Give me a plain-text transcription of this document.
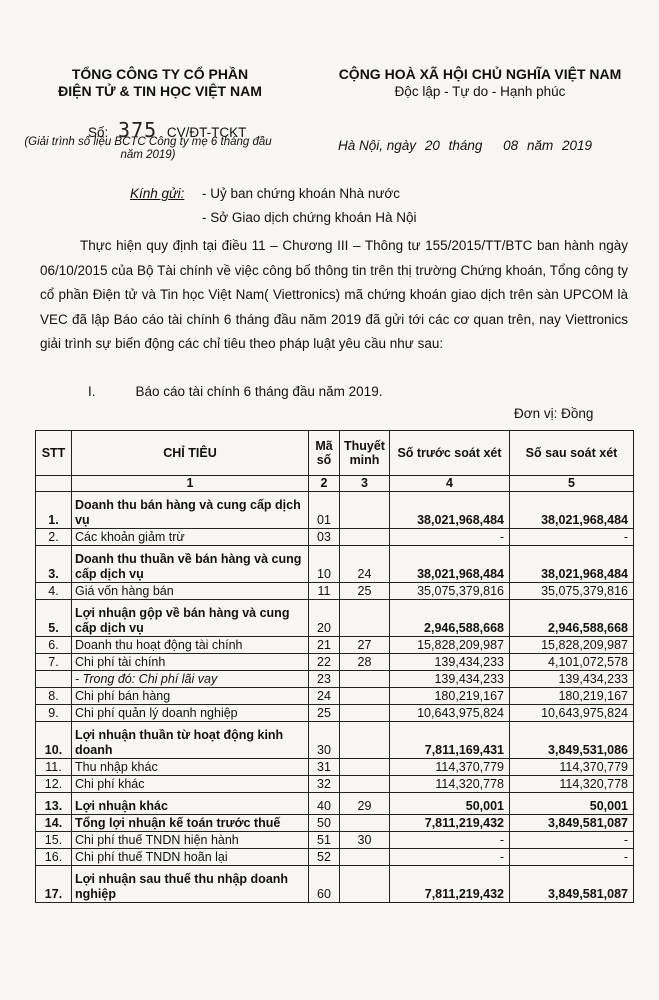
TỔNG CÔNG TY CỔ PHẦN
ĐIỆN TỬ & TIN HỌC VIỆT NAM
CỘNG HOÀ XÃ HỘI CHỦ NGHĨA VIỆT NAM
Độc lập - Tự do - Hạnh phúc
Số: 375 CV/ĐT-TCKT
(Giải trình số liệu BCTC Công ty mẹ 6 tháng đầu năm 2019)
Hà Nội, ngày 20 tháng 08 năm 2019
Kính gửi: - Uỷ ban chứng khoán Nhà nước
- Sở Giao dịch chứng khoán Hà Nội
Thực hiện quy định tại điều 11 – Chương III – Thông tư 155/2015/TT/BTC ban hành ngày 06/10/2015 của Bộ Tài chính về việc công bố thông tin trên thị trường Chứng khoán, Tổng công ty cổ phần Điện tử và Tin học Việt Nam( Viettronics) mã chứng khoán giao dịch trên sàn UPCOM là VEC đã lập Báo cáo tài chính 6 tháng đầu năm 2019 đã gửi tới các cơ quan trên, nay Viettronics giải trình sự biến động các chỉ tiêu theo pháp luật yêu cầu như sau:
I.	Báo cáo tài chính 6 tháng đầu năm 2019.
Đơn vị: Đồng
STT	CHỈ TIÊU	Mã số	Thuyết minh	Số trước soát xét	Số sau soát xét
	1	2	3	4	5
1.	Doanh thu bán hàng và cung cấp dịch vụ	01		38,021,968,484	38,021,968,484
2.	Các khoản giảm trừ	03		-	-
3.	Doanh thu thuần về bán hàng và cung cấp dịch vụ	10	24	38,021,968,484	38,021,968,484
4.	Giá vốn hàng bán	11	25	35,075,379,816	35,075,379,816
5.	Lợi nhuận gộp về bán hàng và cung cấp dịch vụ	20		2,946,588,668	2,946,588,668
6.	Doanh thu hoạt động tài chính	21	27	15,828,209,987	15,828,209,987
7.	Chi phí tài chính	22	28	139,434,233	4,101,072,578
	- Trong đó: Chi phí lãi vay	23		139,434,233	139,434,233
8.	Chi phí bán hàng	24		180,219,167	180,219,167
9.	Chi phí quản lý doanh nghiệp	25		10,643,975,824	10,643,975,824
10.	Lợi nhuận thuần từ hoạt động kinh doanh	30		7,811,169,431	3,849,531,086
11.	Thu nhập khác	31		114,370,779	114,370,779
12.	Chi phí khác	32		114,320,778	114,320,778
13.	Lợi nhuận khác	40	29	50,001	50,001
14.	Tổng lợi nhuận kế toán trước thuế	50		7,811,219,432	3,849,581,087
15.	Chi phí thuế TNDN hiện hành	51	30	-	-
16.	Chi phí thuế TNDN hoãn lại	52		-	-
17.	Lợi nhuận sau thuế thu nhập doanh nghiệp	60		7,811,219,432	3,849,581,087
